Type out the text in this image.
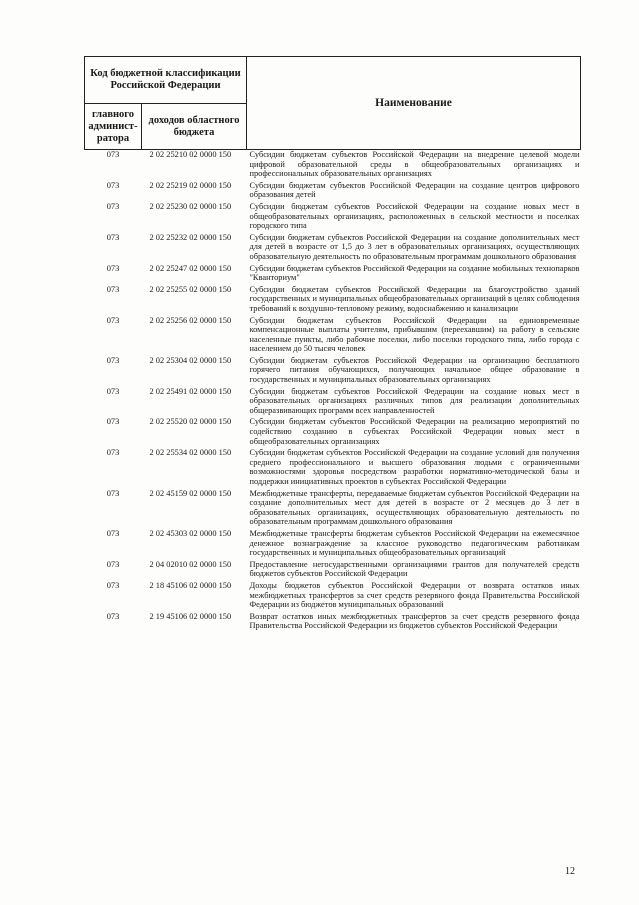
Код бюджетной классификации Российской Федерации		Наименование
главного админист-ратора	доходов областного бюджета	
073	2 02 25210 02 0000 150	Субсидии бюджетам субъектов Российской Федерации на внедрение целевой модели цифровой образовательной среды в общеобразовательных организациях и профессиональных образовательных организациях
073	2 02 25219 02 0000 150	Субсидии бюджетам субъектов Российской Федерации на создание центров цифрового образования детей
073	2 02 25230 02 0000 150	Субсидии бюджетам субъектов Российской Федерации на создание новых мест в общеобразовательных организациях, расположенных в сельской местности и поселках городского типа
073	2 02 25232 02 0000 150	Субсидии бюджетам субъектов Российской Федерации на создание дополнительных мест для детей в возрасте от 1,5 до 3 лет в образовательных организациях, осуществляющих образовательную деятельность по образовательным программам дошкольного образования
073	2 02 25247 02 0000 150	Субсидии бюджетам субъектов Российской Федерации на создание мобильных технопарков "Кванториум"
073	2 02 25255 02 0000 150	Субсидии бюджетам субъектов Российской Федерации на благоустройство зданий государственных и муниципальных общеобразовательных организаций в целях соблюдения требований к воздушно-тепловому режиму, водоснабжению и канализации
073	2 02 25256 02 0000 150	Субсидии бюджетам субъектов Российской Федерации на единовременные компенсационные выплаты учителям, прибывшим (переехавшим) на работу в сельские населенные пункты, либо рабочие поселки, либо поселки городского типа, либо города с населением до 50 тысяч человек
073	2 02 25304 02 0000 150	Субсидии бюджетам субъектов Российской Федерации на организацию бесплатного горячего питания обучающихся, получающих начальное общее образование в государственных и муниципальных образовательных организациях
073	2 02 25491 02 0000 150	Субсидии бюджетам субъектов Российской Федерации на создание новых мест в образовательных организациях различных типов для реализации дополнительных общеразвивающих программ всех направленностей
073	2 02 25520 02 0000 150	Субсидии бюджетам субъектов Российской Федерации на реализацию мероприятий по содействию созданию в субъектах Российской Федерации новых мест в общеобразовательных организациях
073	2 02 25534 02 0000 150	Субсидии бюджетам субъектов Российской Федерации на создание условий для получения среднего профессионального и высшего образования людьми с ограниченными возможностями здоровья посредством разработки нормативно-методической базы и поддержки инициативных проектов в субъектах Российской Федерации
073	2 02 45159 02 0000 150	Межбюджетные трансферты, передаваемые бюджетам субъектов Российской Федерации на создание дополнительных мест для детей в возрасте от 2 месяцев до 3 лет в образовательных организациях, осуществляющих образовательную деятельность по образовательным программам дошкольного образования
073	2 02 45303 02 0000 150	Межбюджетные трансферты бюджетам субъектов Российской Федерации на ежемесячное денежное вознаграждение за классное руководство педагогическим работникам государственных и муниципальных общеобразовательных организаций
073	2 04 02010 02 0000 150	Предоставление негосударственными организациями грантов для получателей средств бюджетов субъектов Российской Федерации
073	2 18 45106 02 0000 150	Доходы бюджетов субъектов Российской Федерации от возврата остатков иных межбюджетных трансфертов за счет средств резервного фонда Правительства Российской Федерации из бюджетов муниципальных образований
073	2 19 45106 02 0000 150	Возврат остатков иных межбюджетных трансфертов за счет средств резервного фонда Правительства Российской Федерации из бюджетов субъектов Российской Федерации
12
